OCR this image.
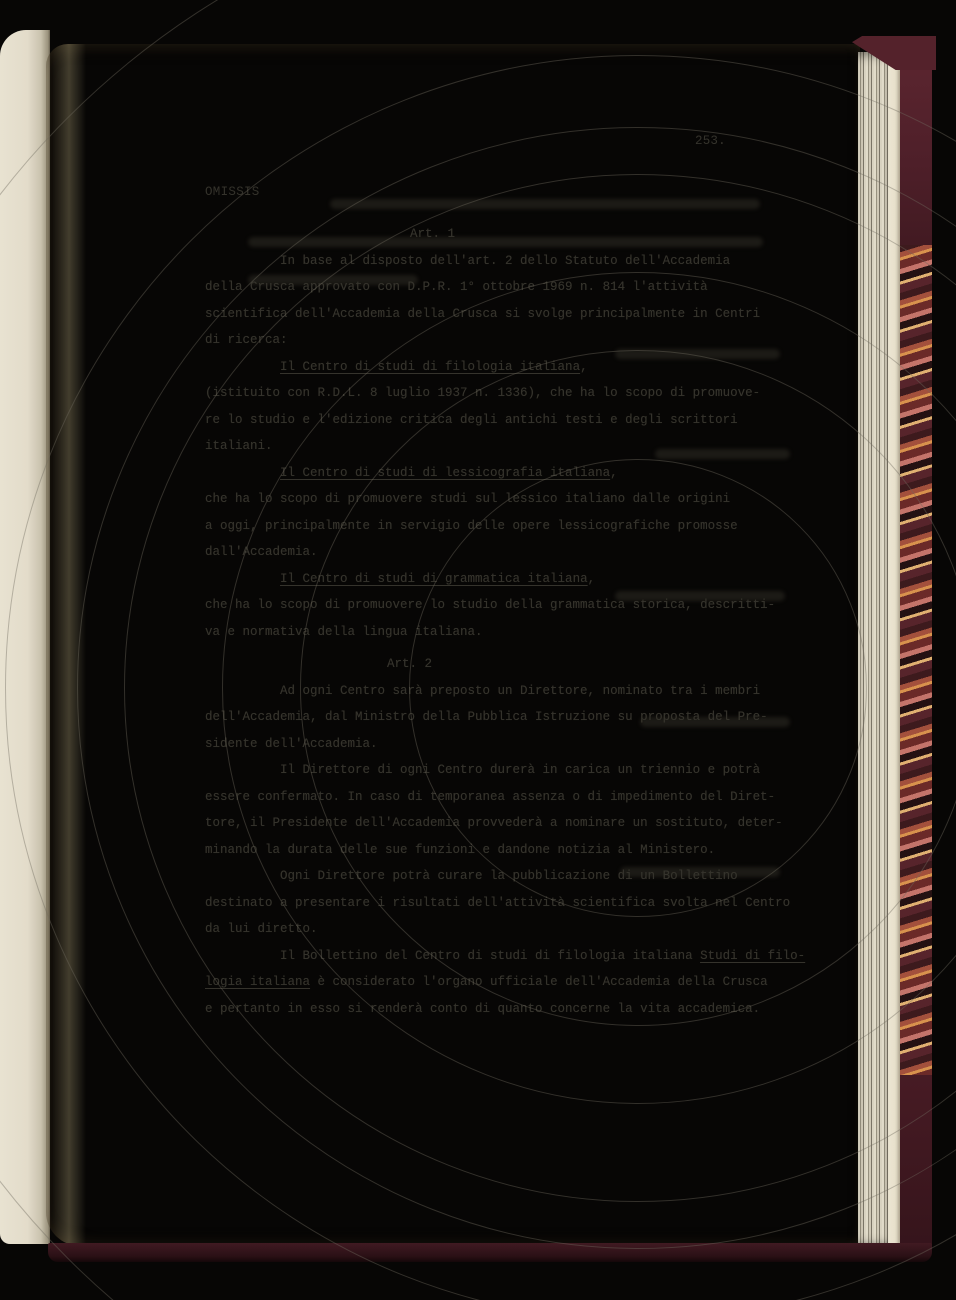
253.
OMISSIS
Art. 1
In base al disposto dell'art. 2 dello Statuto dell'Accademia
della Crusca approvato con D.P.R. 1° ottobre 1969 n. 814 l'attività
scientifica dell'Accademia della Crusca si svolge principalmente in Centri
di ricerca:
Il Centro di studi di filologia italiana,
(istituito con R.D.L. 8 luglio 1937 n. 1336), che ha lo scopo di promuove-
re lo studio e l'edizione critica degli antichi testi e degli scrittori
italiani.
Il Centro di studi di lessicografia italiana,
che ha lo scopo di promuovere studi sul lessico italiano dalle origini
a oggi, principalmente in servigio delle opere lessicografiche promosse
dall'Accademia.
Il Centro di studi di grammatica italiana,
che ha lo scopo di promuovere lo studio della grammatica storica, descritti-
va e normativa della lingua italiana.
Art. 2
Ad ogni Centro sarà preposto un Direttore, nominato tra i membri
dell'Accademia, dal Ministro della Pubblica Istruzione su proposta del Pre-
sidente dell'Accademia.
Il Direttore di ogni Centro durerà in carica un triennio e potrà
essere confermato. In caso di temporanea assenza o di impedimento del Diret-
tore, il Presidente dell'Accademia provvederà a nominare un sostituto, deter-
minando la durata delle sue funzioni e dandone notizia al Ministero.
Ogni Direttore potrà curare la pubblicazione di un Bollettino
destinato a presentare i risultati dell'attività scientifica svolta nel Centro
da lui diretto.
Il Bollettino del Centro di studi di filologia italiana Studi di filo-
logia italiana è considerato l'organo ufficiale dell'Accademia della Crusca
e pertanto in esso si renderà conto di quanto concerne la vita accademica.
